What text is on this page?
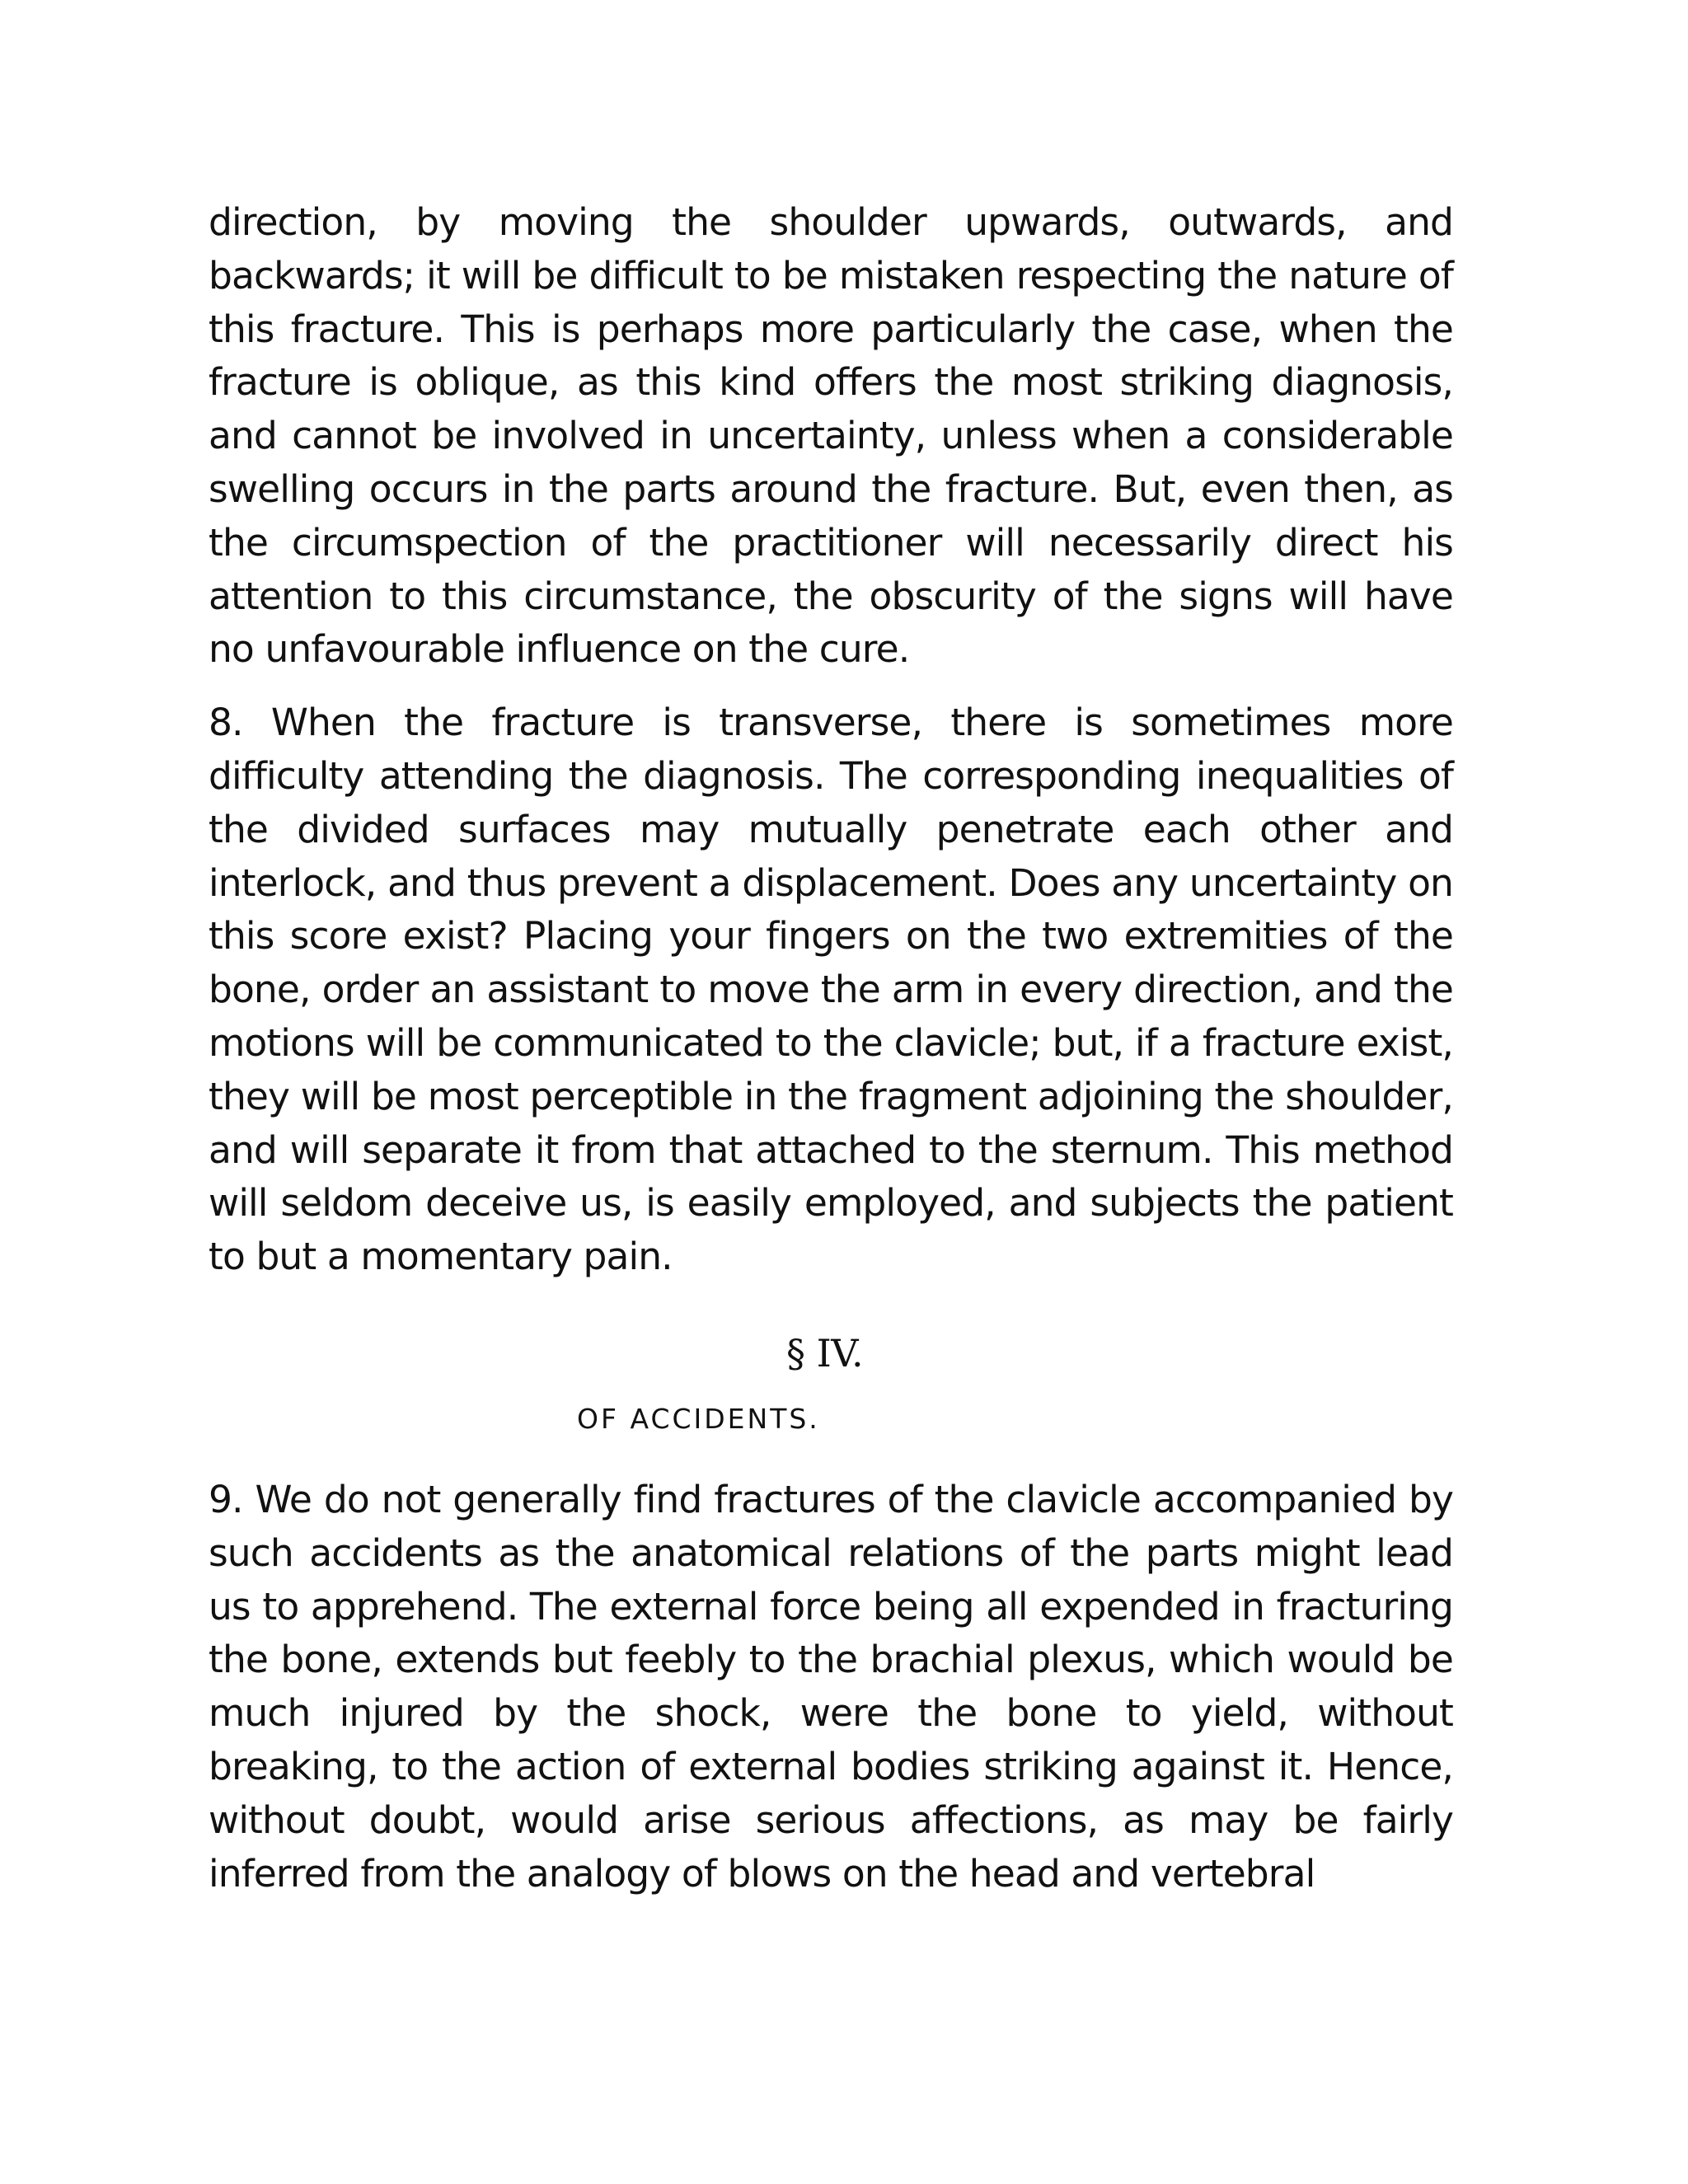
direction, by moving the shoulder upwards, outwards, and backwards; it will be difficult to be mistaken respecting the nature of this fracture. This is perhaps more particularly the case, when the fracture is oblique, as this kind offers the most striking diagnosis, and cannot be involved in uncertainty, unless when a considerable swelling occurs in the parts around the fracture. But, even then, as the circumspection of the practitioner will necessarily direct his attention to this circumstance, the obscurity of the signs will have no unfavourable influence on the cure.

8. When the fracture is transverse, there is sometimes more difficulty attending the diagnosis. The corresponding inequalities of the divided surfaces may mutually penetrate each other and interlock, and thus prevent a displacement. Does any uncertainty on this score exist? Placing your fingers on the two extremities of the bone, order an assistant to move the arm in every direction, and the motions will be communicated to the clavicle; but, if a fracture exist, they will be most perceptible in the fragment adjoining the shoulder, and will separate it from that attached to the sternum. This method will seldom deceive us, is easily employed, and subjects the patient to but a momentary pain.

§ IV.
OF ACCIDENTS.

9. We do not generally find fractures of the clavicle accompanied by such accidents as the anatomical relations of the parts might lead us to apprehend. The external force being all expended in fracturing the bone, extends but feebly to the brachial plexus, which would be much injured by the shock, were the bone to yield, without breaking, to the action of external bodies striking against it. Hence, without doubt, would arise serious affections, as may be fairly inferred from the analogy of blows on the head and vertebral
